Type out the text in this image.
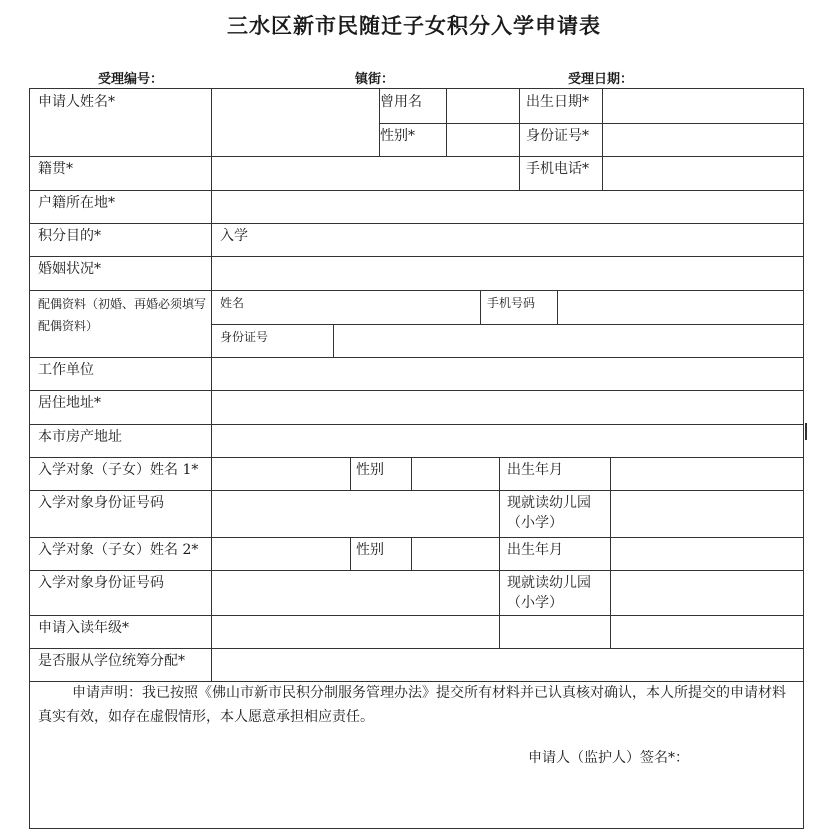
三水区新市民随迁子女积分入学申请表
受理编号：	镇街：	受理日期：
申请人姓名*	曾用名	出生日期*
性别*	身份证号*
籍贯*	手机电话*
户籍所在地*
积分目的*	入学
婚姻状况*
配偶资料（初婚、再婚必须填写配偶资料）
姓名	手机号码
身份证号
工作单位
居住地址*
本市房产地址
入学对象（子女）姓名 1*	性别	出生年月
入学对象身份证号码	现就读幼儿园（小学）
入学对象（子女）姓名 2*	性别	出生年月
入学对象身份证号码	现就读幼儿园（小学）
申请入读年级*
是否服从学位统筹分配*
申请声明：我已按照《佛山市新市民积分制服务管理办法》提交所有材料并已认真核对确认，本人所提交的申请材料真实有效，如存在虚假情形，本人愿意承担相应责任。
申请人（监护人）签名*：
